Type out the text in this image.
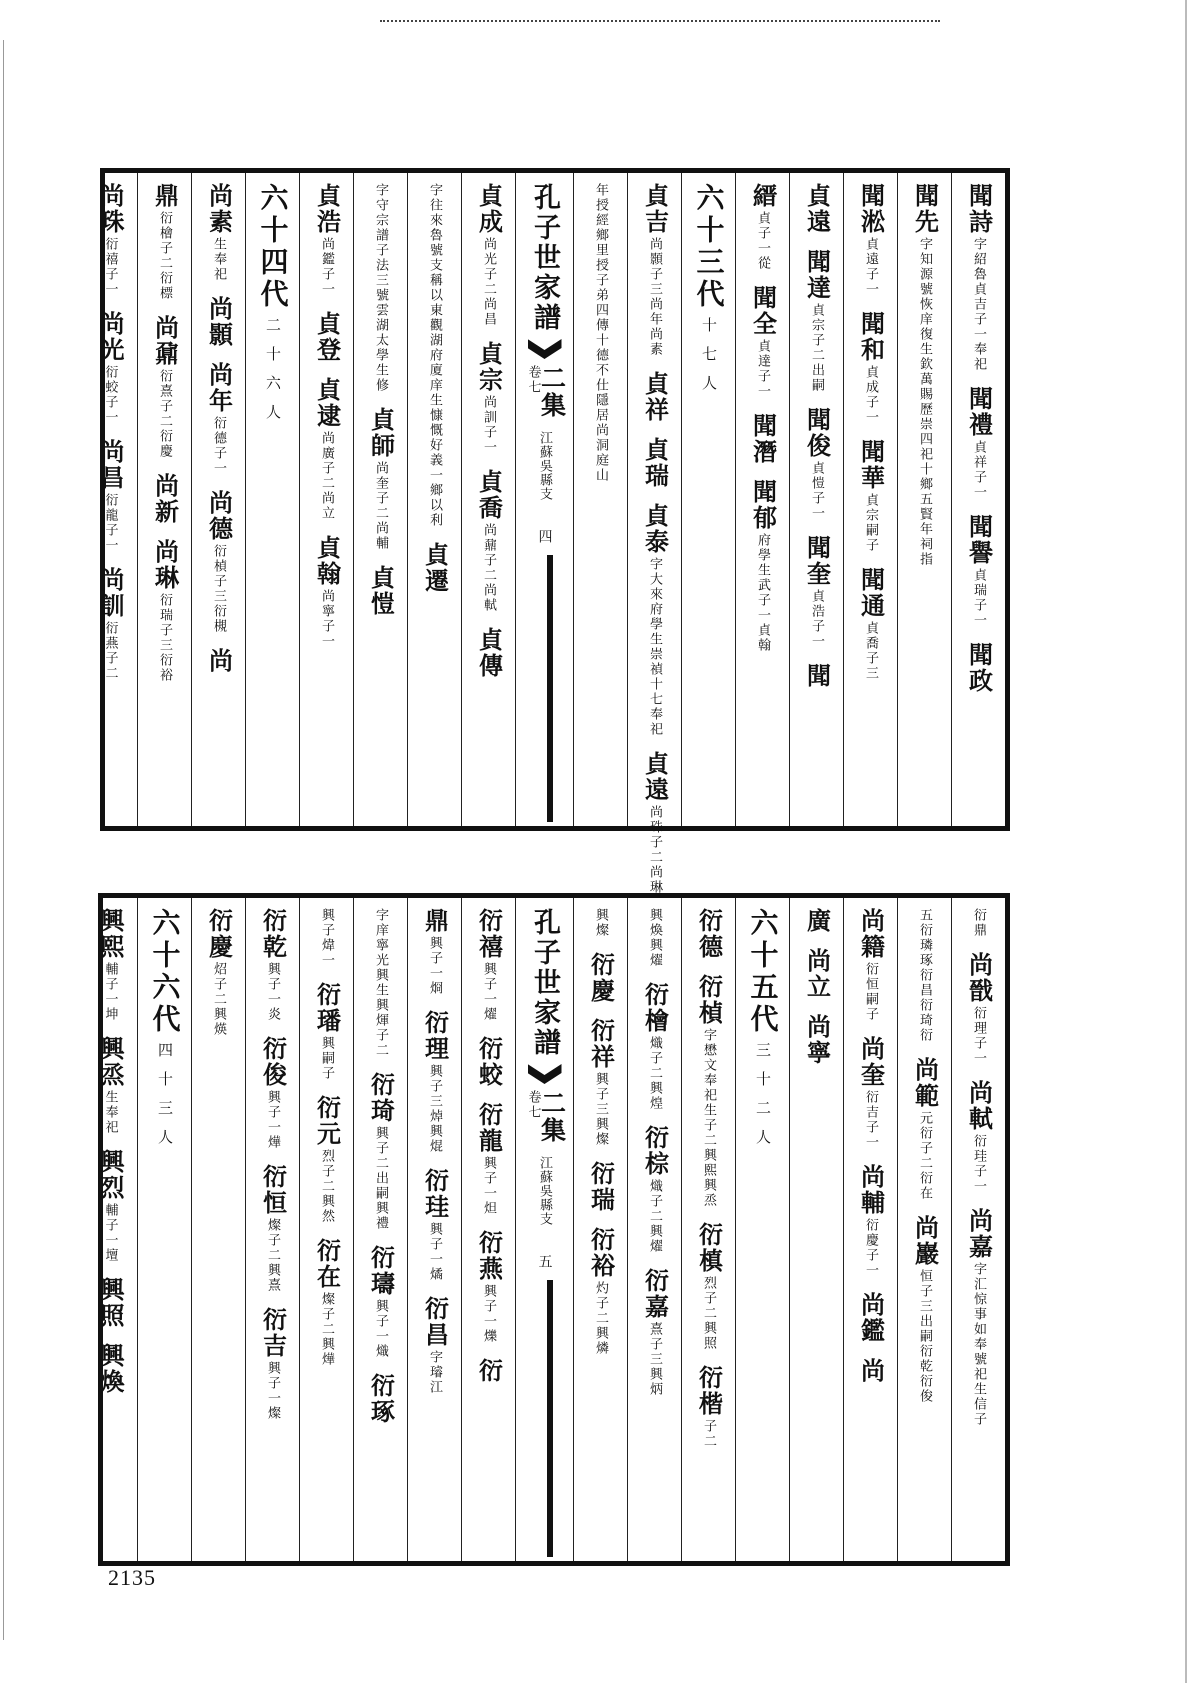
聞詩
字紹魯貞吉子一奉祀
聞禮
貞祥子一
聞譽
貞瑞子一
聞政
聞先
字知源號恢庠復生欽萬賜歷崇四祀十鄉五賢年祠指
聞淞
貞遠子一
聞和
貞成子一
聞華
貞宗嗣子
聞通
貞喬子三
貞遠
聞達
貞宗子二出嗣
聞俊
貞愷子一
聞奎
貞浩子一
聞
縉
貞子一從
聞全
貞達子一
聞潛
聞郁
府學生武子一貞翰
六十三代
十七人
貞吉
尚顥子三尚年尚素
貞祥
貞瑞
貞泰
字大來府學生崇禎十七奉祀
貞遠
尚珠子二尚琳
年授經鄉里授子弟四傳十德不仕隱居尚洞庭山
孔子世家譜
二集
卷七
江蘇吳縣支
四
貞成
尚光子二尚昌
貞宗
尚訓子一
貞喬
尚鼐子二尚軾
貞傳
字往來魯號支稱以東觀湖府廈庠生慷慨好義一鄉以利
貞遷
字守宗譜子法三號雲湖太學生修
貞師
尚奎子二尚輔
貞愷
貞浩
尚鑑子一
貞登
貞逮
尚廣子二尚立
貞翰
尚寧子一
六十四代
二十六人
尚素
生奉祀
尚顥
尚年
衍德子一
尚德
衍楨子三衍槻
尚
鼎
衍檜子二衍標
尚鼐
衍熹子二衍慶
尚新
尚琳
衍瑞子三衍裕
尚珠
衍禧子一
尚光
衍蛟子一
尚昌
衍龍子一
尚訓
衍燕子二
衍鼎
尚戩
衍理子一
尚軾
衍珪子一
尚嘉
字汇惊事如奉號祀生信子
五衍璘琢衍昌衍琦衍
尚範
元衍子二衍在
尚巖
恒子三出嗣衍乾衍俊
尚籍
衍恒嗣子
尚奎
衍吉子一
尚輔
衍慶子一
尚鑑
尚
廣
尚立
尚寧
六十五代
三十二人
衍德
衍楨
字懋文奉祀生子二興熙興烝
衍槙
烈子二興照
衍楷
子二
興煥興燿
衍檜
熾子二興煌
衍棕
熾子二興燿
衍嘉
熹子三興炳
興燦
衍慶
衍祥
興子三興燦
衍瑞
衍裕
灼子二興燐
孔子世家譜
二集
卷七
江蘇吳縣支
五
衍禧
興子一燿
衍蛟
衍龍
興子一炟
衍燕
興子一爍
衍
鼎
興子一烱
衍理
興子三焯興焜
衍珪
興子一燏
衍昌
字璿江
字庠寧光興生興煇子二
衍琦
興子二出嗣興禮
衍璹
興子一熾
衍琢
興子煒一
衍璠
興嗣子
衍元
烈子二興然
衍在
燦子二興燁
衍乾
興子一炎
衍俊
興子一燁
衍恒
燦子二興熹
衍吉
興子一燦
衍慶
炤子二興煐
六十六代
四十三人
興熙
輔子一坤
興烝
生奉祀
興烈
輔子一壇
興照
興煥
2135
